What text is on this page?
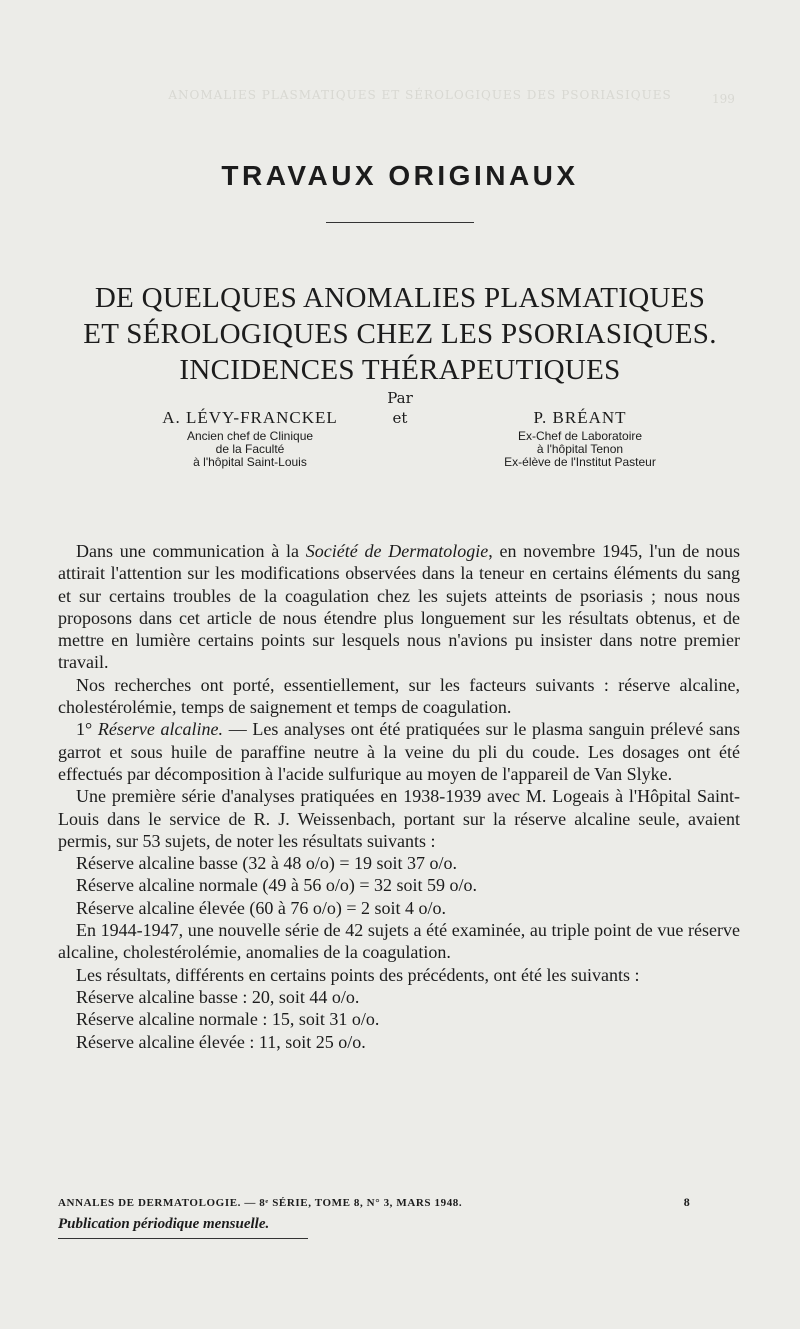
ANOMALIES PLASMATIQUES ET SÉROLOGIQUES DES PSORIASIQUES	199
TRAVAUX ORIGINAUX
DE QUELQUES ANOMALIES PLASMATIQUES
ET SÉROLOGIQUES CHEZ LES PSORIASIQUES.
INCIDENCES THÉRAPEUTIQUES
Par
et
A. LÉVY-FRANCKEL
Ancien chef de Clinique
de la Faculté
à l'hôpital Saint-Louis
P. BRÉANT
Ex-Chef de Laboratoire
à l'hôpital Tenon
Ex-élève de l'Institut Pasteur

Dans une communication à la Société de Dermatologie, en novembre 1945, l'un de nous attirait l'attention sur les modifications observées dans la teneur en certains éléments du sang et sur certains troubles de la coagulation chez les sujets atteints de psoriasis ; nous nous proposons dans cet article de nous étendre plus longuement sur les résultats obtenus, et de mettre en lumière certains points sur lesquels nous n'avions pu insister dans notre premier travail.

Nos recherches ont porté, essentiellement, sur les facteurs suivants : réserve alcaline, cholestérolémie, temps de saignement et temps de coagulation.

1° Réserve alcaline. — Les analyses ont été pratiquées sur le plasma sanguin prélevé sans garrot et sous huile de paraffine neutre à la veine du pli du coude. Les dosages ont été effectués par décomposition à l'acide sulfurique au moyen de l'appareil de Van Slyke.

Une première série d'analyses pratiquées en 1938-1939 avec M. Logeais à l'Hôpital Saint-Louis dans le service de R. J. Weissenbach, portant sur la réserve alcaline seule, avaient permis, sur 53 sujets, de noter les résultats suivants :

Réserve alcaline basse (32 à 48 o/o) = 19 soit 37 o/o.

Réserve alcaline normale (49 à 56 o/o) = 32 soit 59 o/o.

Réserve alcaline élevée (60 à 76 o/o) = 2 soit 4 o/o.

En 1944-1947, une nouvelle série de 42 sujets a été examinée, au triple point de vue réserve alcaline, cholestérolémie, anomalies de la coagulation.

Les résultats, différents en certains points des précédents, ont été les suivants :

Réserve alcaline basse : 20, soit 44 o/o.

Réserve alcaline normale : 15, soit 31 o/o.

Réserve alcaline élevée : 11, soit 25 o/o.

ANNALES DE DERMATOLOGIE. — 8ᵉ SÉRIE, TOME 8, N° 3, MARS 1948.	8
Publication périodique mensuelle.
